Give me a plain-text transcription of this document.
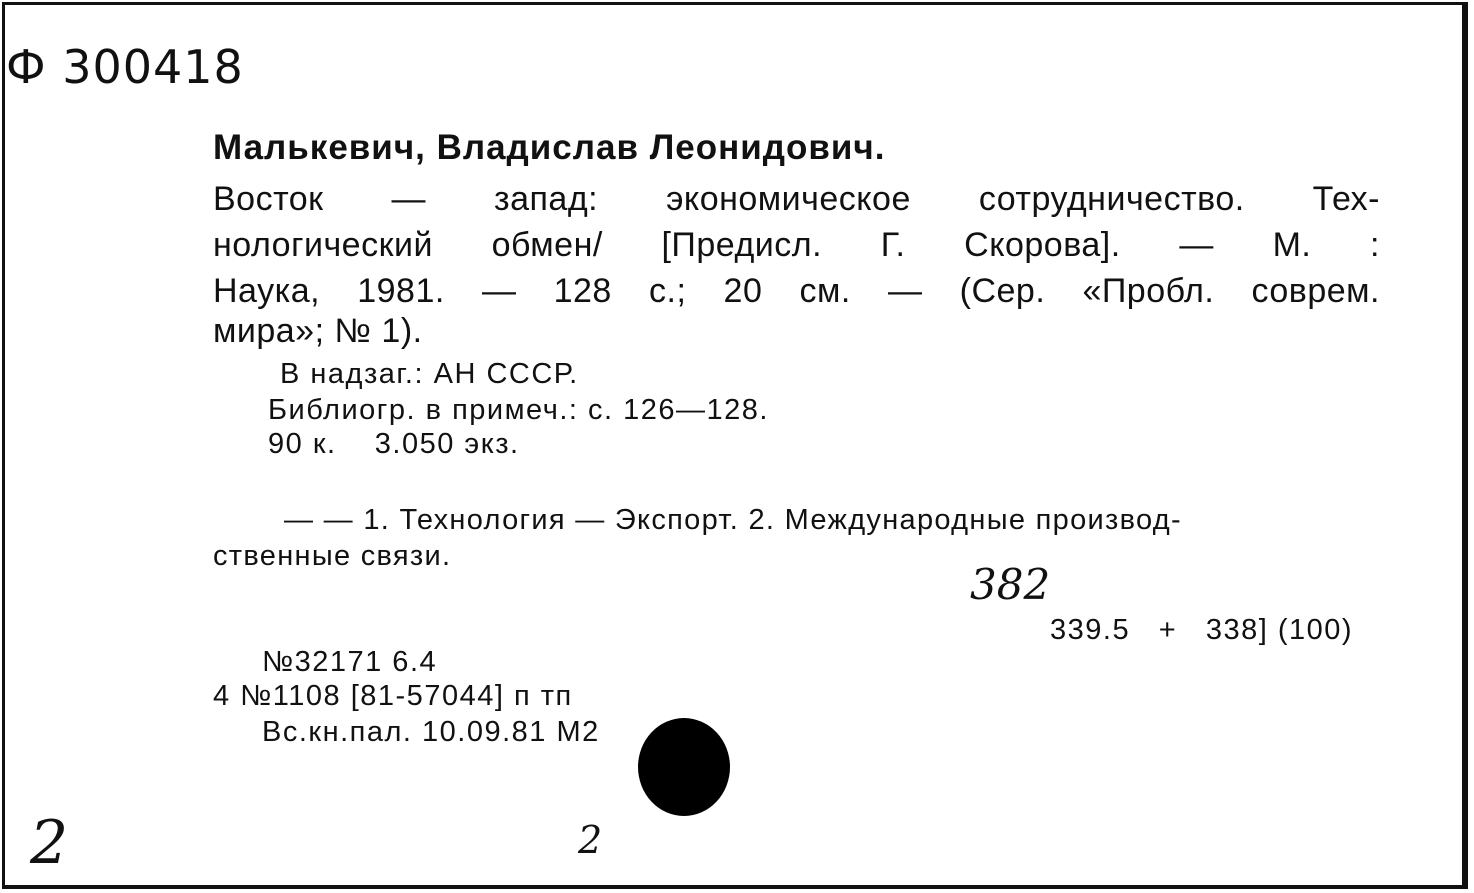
Ф 300418
Малькевич, Владислав Леонидович.
Восток — запад: экономическое сотрудничество. Тех-
нологический обмен/ [Предисл. Г. Скорова]. — М. :
Наука, 1981. — 128 с.; 20 см. — (Сер. «Пробл. соврем.
мира»; № 1).
В надзаг.: АН СССР.
Библиогр. в примеч.: с. 126—128.
90 к.    3.050 экз.
— — 1. Технология — Экспорт. 2. Международные производ-
ственные связи.
382
339.5   +   338] (100)
№32171 6.4
4 №1108 [81-57044] п тп
Вс.кн.пал. 10.09.81 М2
2	2
